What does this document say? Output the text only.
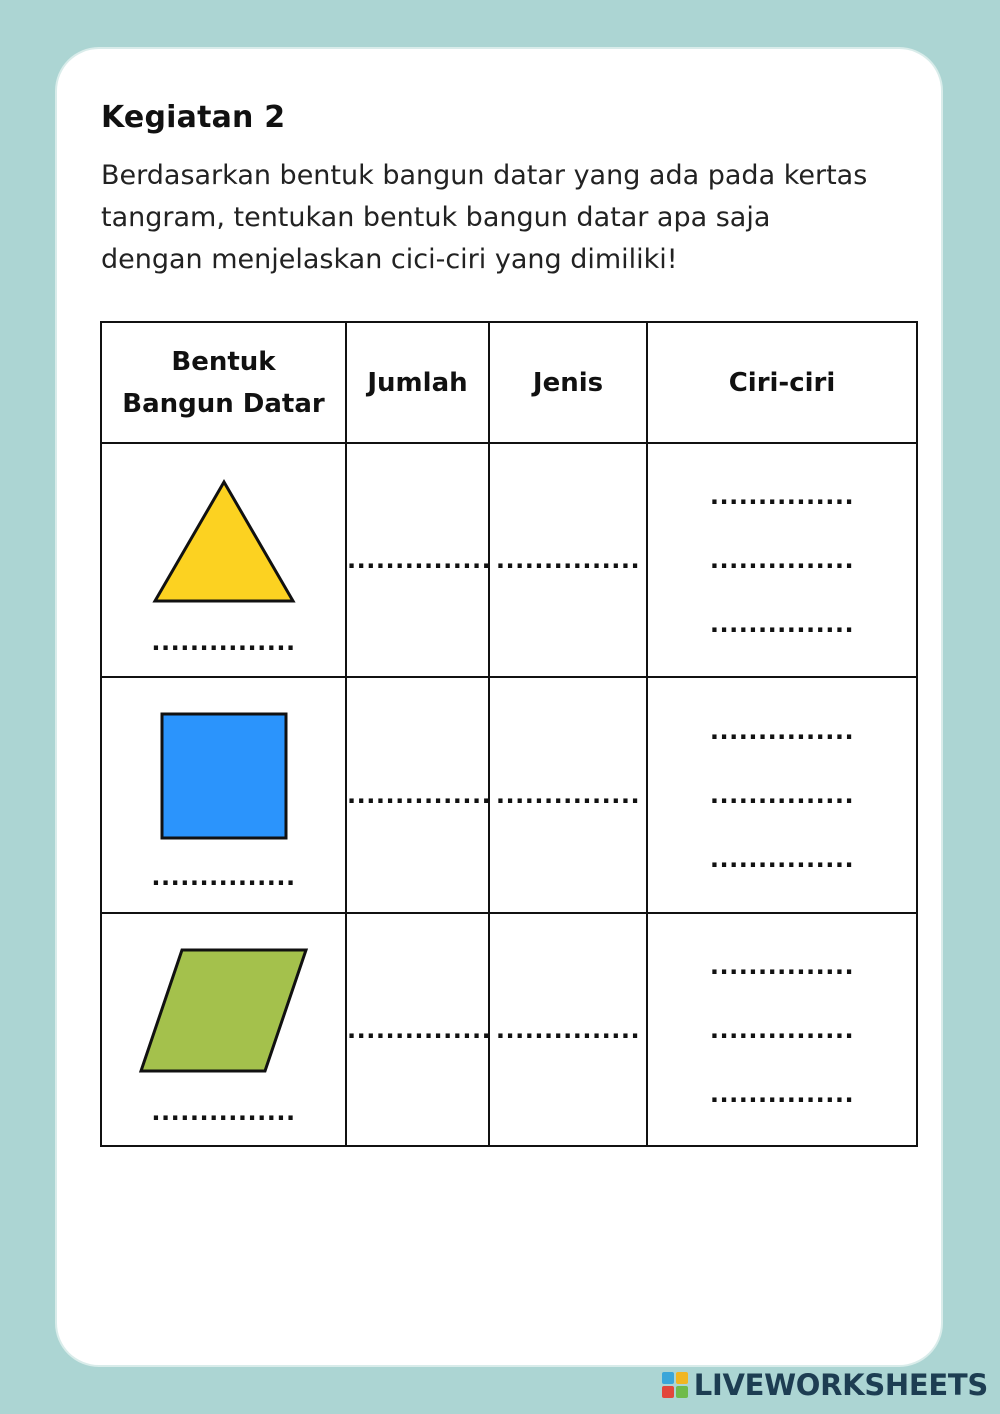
Kegiatan 2

Berdasarkan bentuk bangun datar yang ada pada kertas
tangram, tentukan bentuk bangun datar apa saja
dengan menjelaskan cici-ciri yang dimiliki!

Bentuk
Bangun Datar	Jumlah	Jenis	Ciri-ciri

...............	...............	...............	...............
...............
...............

...............	...............	...............	...............
...............
...............

...............	...............	...............	...............
...............
...............
LIVEWORKSHEETS
